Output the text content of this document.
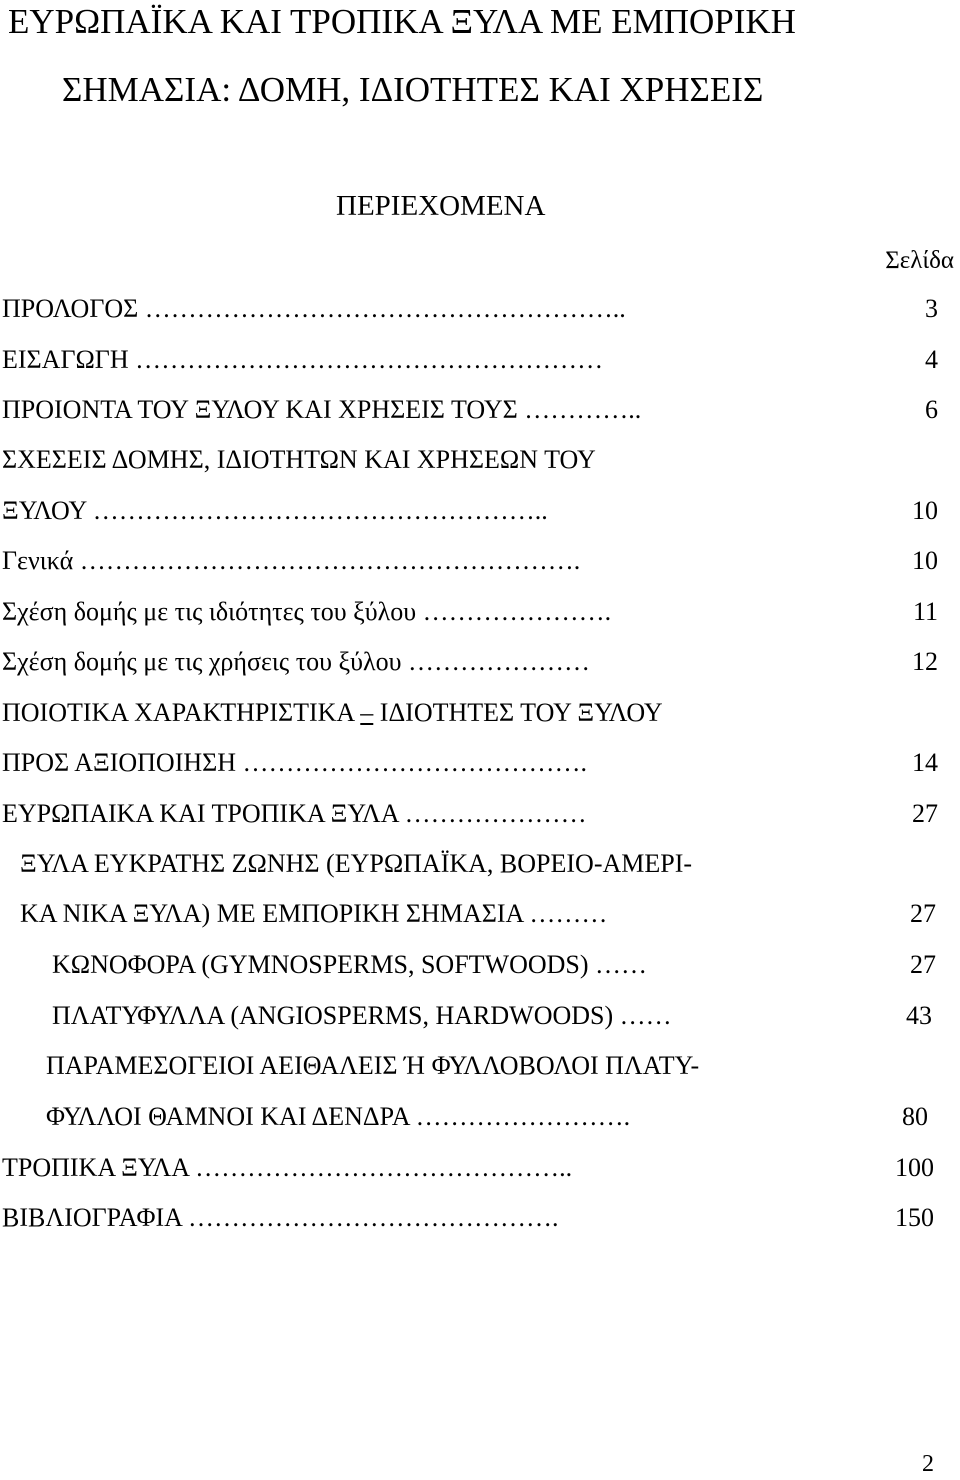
ΕΥΡΩΠΑΪΚΑ ΚΑΙ ΤΡΟΠΙΚΑ ΞΥΛΑ ΜΕ ΕΜΠΟΡΙΚΗ
ΣΗΜΑΣΙΑ: ΔΟΜΗ, ΙΔΙΟΤΗΤΕΣ ΚΑΙ ΧΡΗΣΕΙΣ
ΠΕΡΙΕΧΟΜΕΝΑ
Σελίδα
ΠΡΟΛΟΓΟΣ ………………………………………………..	3
ΕΙΣΑΓΩΓΗ ………………………………………………	4
ΠΡΟΙΟΝΤΑ ΤΟΥ ΞΥΛΟΥ ΚΑΙ ΧΡΗΣΕΙΣ ΤΟΥΣ …………..	6
ΣΧΕΣΕΙΣ ΔΟΜΗΣ, ΙΔΙΟΤΗΤΩΝ ΚΑΙ ΧΡΗΣΕΩΝ ΤΟΥ
ΞΥΛΟΥ ……………………………………………..	10
Γενικά ………………………………………………….	10
Σχέση δομής με τις ιδιότητες του ξύλου ………………….	11
Σχέση δομής με τις χρήσεις του ξύλου …………………	12
ΠΟΙΟΤΙΚΑ ΧΑΡΑΚΤΗΡΙΣΤΙΚΑ – ΙΔΙΟΤΗΤΕΣ ΤΟΥ ΞΥΛΟΥ
ΠΡΟΣ ΑΞΙΟΠΟΙΗΣΗ ………………………………….	14
ΕΥΡΩΠΑΙΚΑ ΚΑΙ ΤΡΟΠΙΚΑ ΞΥΛΑ …………………	27
ΞΥΛΑ ΕΥΚΡΑΤΗΣ ΖΩΝΗΣ (ΕΥΡΩΠΑΪΚΑ, ΒΟΡΕΙΟ-ΑΜΕΡΙ-
ΚΑ ΝΙΚΑ ΞΥΛΑ) ΜΕ ΕΜΠΟΡΙΚΗ ΣΗΜΑΣΙΑ ………	27
ΚΩΝΟΦΟΡΑ (GYMNOSPERMS, SOFTWOODS) ……	27
ΠΛΑΤΥΦΥΛΛΑ (ANGIOSPERMS, HARDWOODS) ……	43
ΠΑΡΑΜΕΣΟΓΕΙΟΙ ΑΕΙΘΑΛΕΙΣ Ή ΦΥΛΛΟΒΟΛΟΙ ΠΛΑΤΥ-
ΦΥΛΛΟΙ ΘΑΜΝΟΙ ΚΑΙ ΔΕΝΔΡΑ …………………….	80
ΤΡΟΠΙΚΑ ΞΥΛΑ ……………………………………..	100
ΒΙΒΛΙΟΓΡΑΦΙΑ …………………………………….	150
2
